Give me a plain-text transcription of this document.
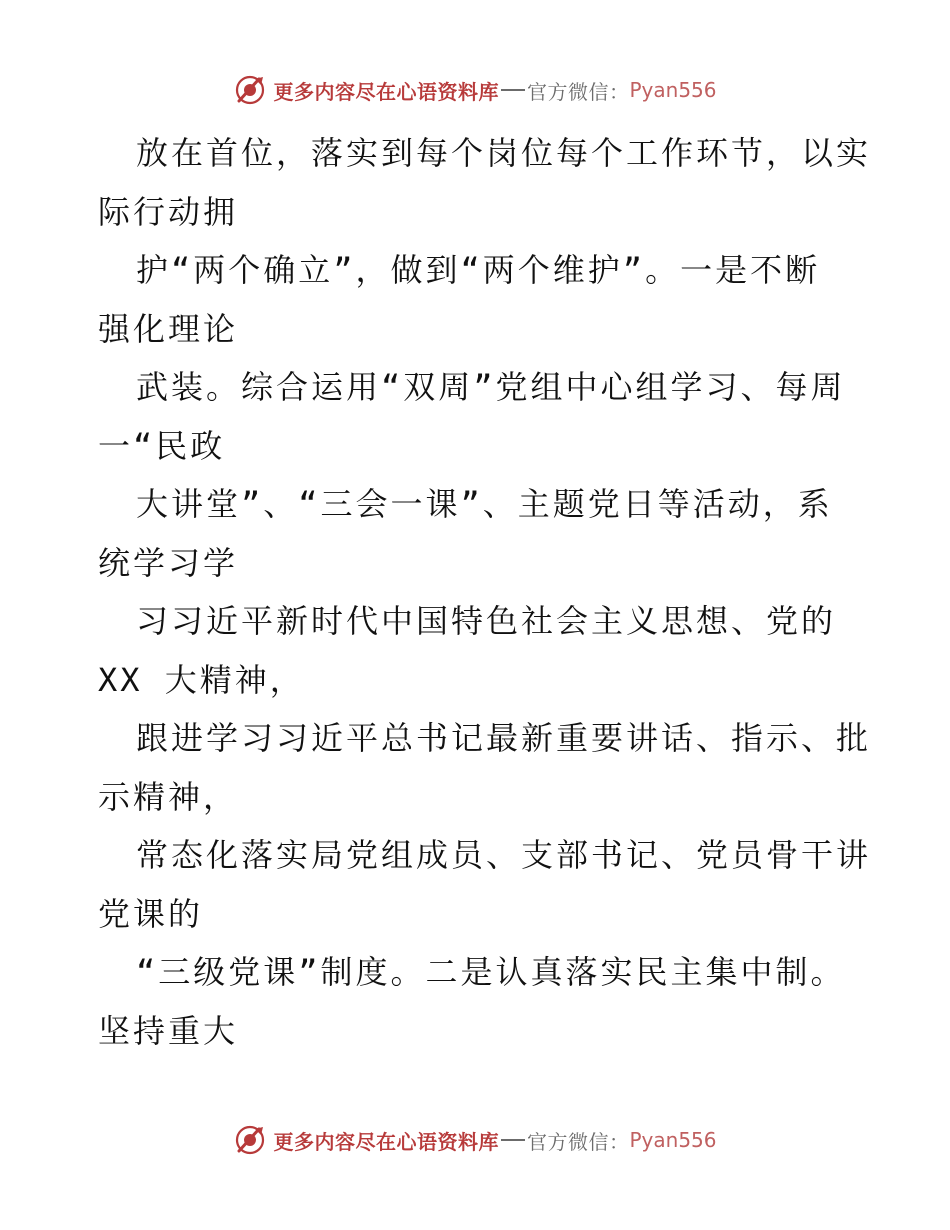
更多内容尽在心语资料库 官方微信： Pyan556
放在首位，落实到每个岗位每个工作环节，以实
际行动拥
护“两个确立”，做到“两个维护”。一是不断
强化理论
武装。综合运用“双周”党组中心组学习、每周
一“民政
大讲堂”、“三会一课”、主题党日等活动，系
统学习学
习习近平新时代中国特色社会主义思想、党的
XX 大精神，
跟进学习习近平总书记最新重要讲话、指示、批
示精神，
常态化落实局党组成员、支部书记、党员骨干讲
党课的
“三级党课”制度。二是认真落实民主集中制。
坚持重大
更多内容尽在心语资料库 官方微信： Pyan556
